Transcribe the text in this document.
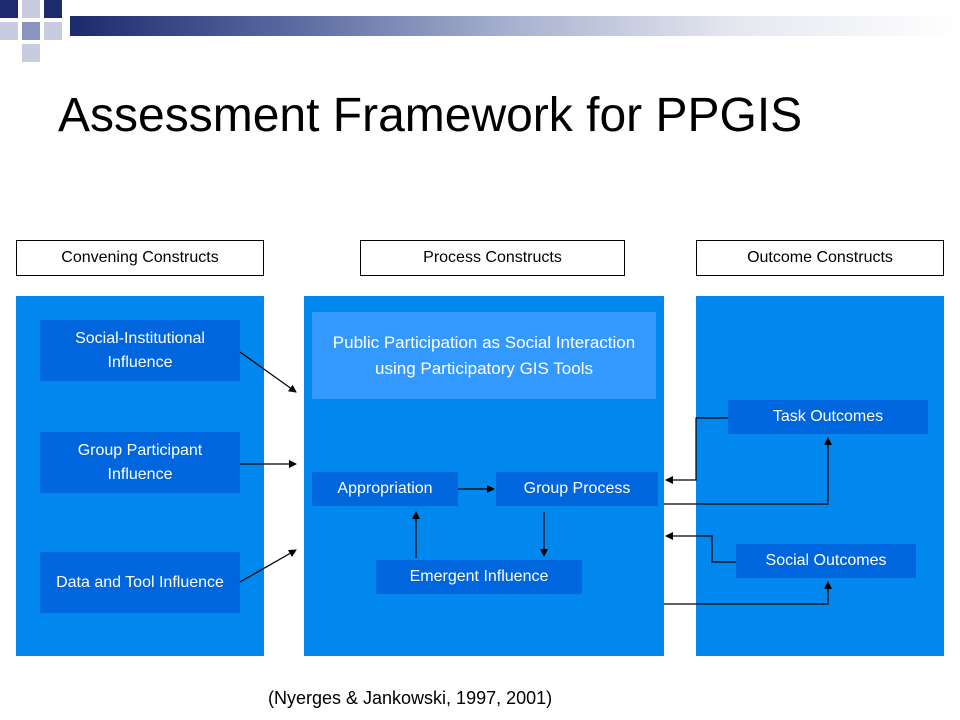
Assessment Framework for PPGIS
Convening Constructs	Process Constructs	Outcome Constructs
Social-Institutional Influence
Group Participant Influence
Data and Tool Influence
Public Participation as Social Interaction using Participatory GIS Tools
Appropriation	Group Process
Emergent Influence
Task Outcomes
Social Outcomes
(Nyerges & Jankowski, 1997, 2001)
